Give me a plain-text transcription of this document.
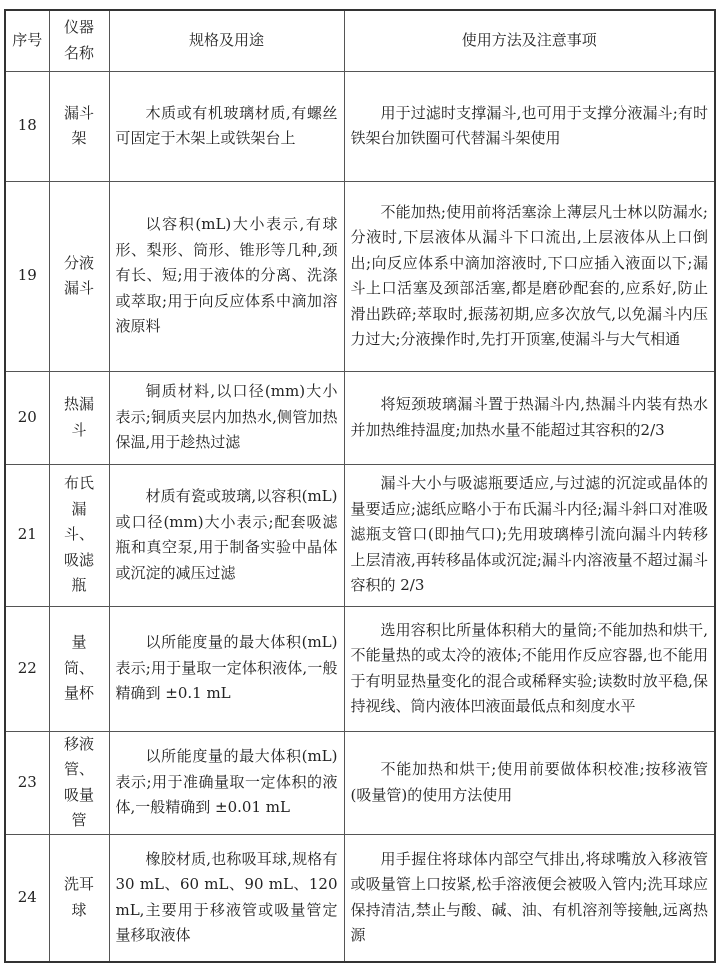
序号	仪器名称	规格及用途	使用方法及注意事项
18	漏斗架	木质或有机玻璃材质,有螺丝可固定于木架上或铁架台上	用于过滤时支撑漏斗,也可用于支撑分液漏斗;有时铁架台加铁圈可代替漏斗架使用

19	分液漏斗	以容积(mL)大小表示,有球形、梨形、筒形、锥形等几种,颈有长、短;用于液体的分离、洗涤或萃取;用于向反应体系中滴加溶液原料	不能加热;使用前将活塞涂上薄层凡士林以防漏水;分液时,下层液体从漏斗下口流出,上层液体从上口倒出;向反应体系中滴加溶液时,下口应插入液面以下;漏斗上口活塞及颈部活塞,都是磨砂配套的,应系好,防止滑出跌碎;萃取时,振荡初期,应多次放气,以免漏斗内压力过大;分液操作时,先打开顶塞,使漏斗与大气相通

20	热漏斗	铜质材料,以口径(mm)大小表示;铜质夹层内加热水,侧管加热保温,用于趁热过滤	将短颈玻璃漏斗置于热漏斗内,热漏斗内装有热水并加热维持温度;加热水量不能超过其容积的2/3

21	布氏漏斗、吸滤瓶	材质有瓷或玻璃,以容积(mL)或口径(mm)大小表示;配套吸滤瓶和真空泵,用于制备实验中晶体或沉淀的减压过滤	漏斗大小与吸滤瓶要适应,与过滤的沉淀或晶体的量要适应;滤纸应略小于布氏漏斗内径;漏斗斜口对准吸滤瓶支管口(即抽气口);先用玻璃棒引流向漏斗内转移上层清液,再转移晶体或沉淀;漏斗内溶液量不超过漏斗容积的 2/3

22	量筒、量杯	以所能度量的最大体积(mL)表示;用于量取一定体积液体,一般精确到 ±0.1 mL	选用容积比所量体积稍大的量筒;不能加热和烘干,不能量热的或太冷的液体;不能用作反应容器,也不能用于有明显热量变化的混合或稀释实验;读数时放平稳,保持视线、筒内液体凹液面最低点和刻度水平

23	移液管、吸量管	以所能度量的最大体积(mL)表示;用于准确量取一定体积的液体,一般精确到 ±0.01 mL	不能加热和烘干;使用前要做体积校准;按移液管(吸量管)的使用方法使用

24	洗耳球	橡胶材质,也称吸耳球,规格有 30 mL、60 mL、90 mL、120 mL,主要用于移液管或吸量管定量移取液体	用手握住将球体内部空气排出,将球嘴放入移液管或吸量管上口按紧,松手溶液便会被吸入管内;洗耳球应保持清洁,禁止与酸、碱、油、有机溶剂等接触,远离热源
